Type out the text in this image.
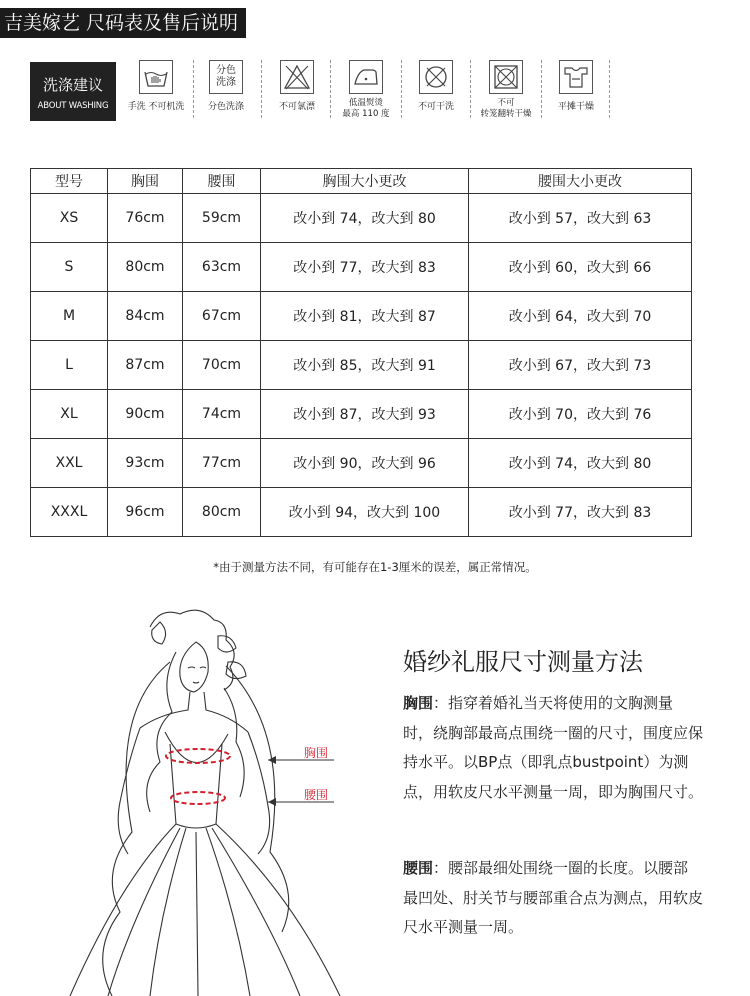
吉美嫁艺 尺码表及售后说明
洗涤建议
ABOUT WASHING	手洗 不可机洗
分色
洗涤
分色洗涤	不可氯漂	低温熨烫
最高 110 度
不可干洗	不可
转笼翻转干燥
平摊干燥
型号	胸围	腰围	胸围大小更改	腰围大小更改
XS	76cm	59cm	改小到 74，改大到 80	改小到 57，改大到 63
S	80cm	63cm	改小到 77，改大到 83	改小到 60，改大到 66
M	84cm	67cm	改小到 81，改大到 87	改小到 64，改大到 70
L	87cm	70cm	改小到 85，改大到 91	改小到 67，改大到 73
XL	90cm	74cm	改小到 87，改大到 93	改小到 70，改大到 76
XXL	93cm	77cm	改小到 90，改大到 96	改小到 74，改大到 80
XXXL	96cm	80cm	改小到 94，改大到 100	改小到 77，改大到 83
*由于测量方法不同，有可能存在1-3厘米的误差，属正常情况。
胸围
腰围
婚纱礼服尺寸测量方法
胸围：指穿着婚礼当天将使用的文胸测量时，绕胸部最高点围绕一圈的尺寸，围度应保持水平。以BP点（即乳点bustpoint）为测点，用软皮尺水平测量一周，即为胸围尺寸。
腰围：腰部最细处围绕一圈的长度。以腰部最凹处、肘关节与腰部重合点为测点，用软皮尺水平测量一周。
